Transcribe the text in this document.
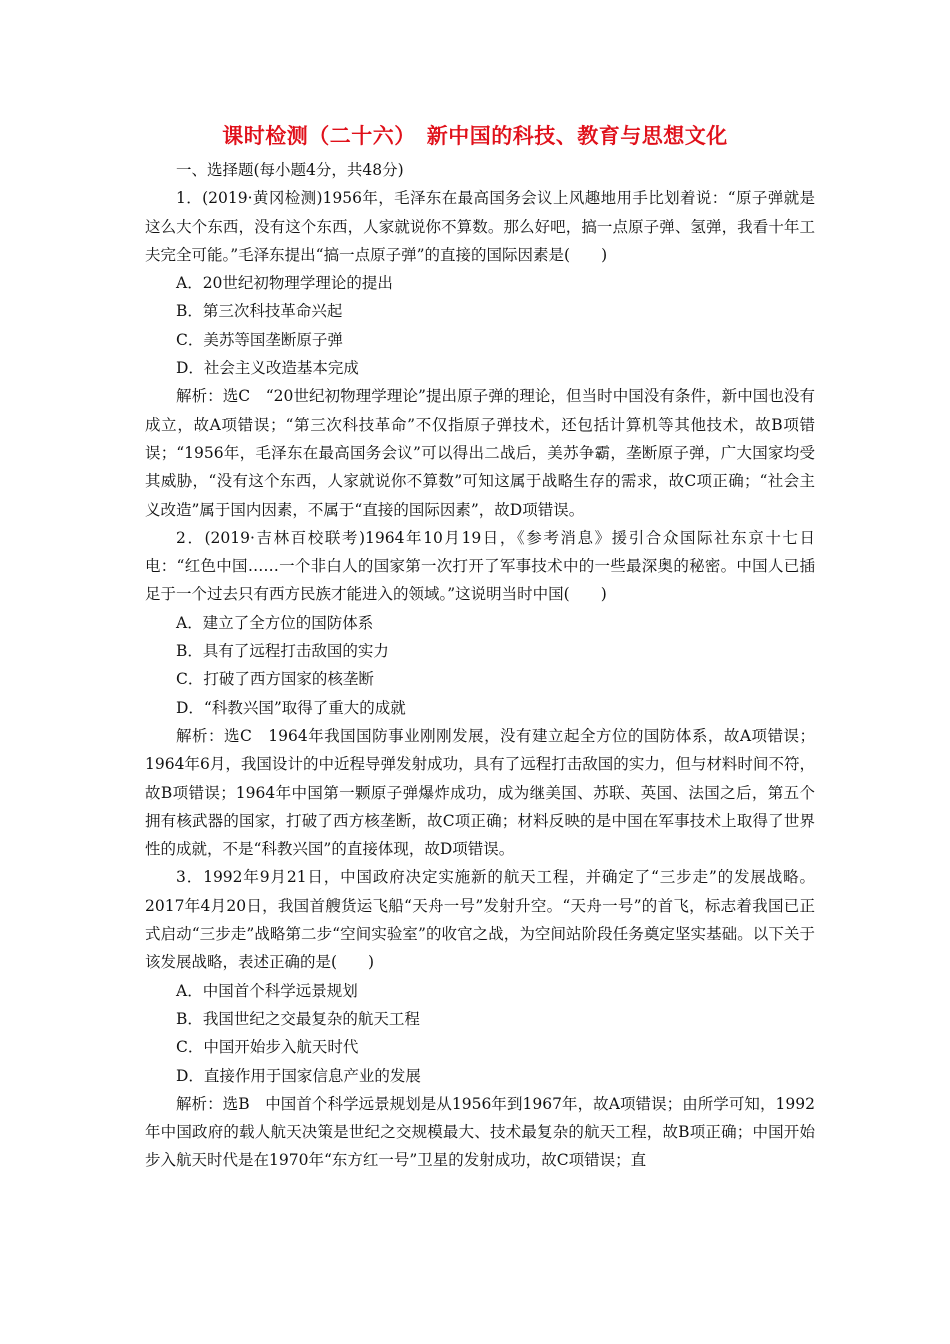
课时检测（二十六）　新中国的科技、教育与思想文化
一、选择题(每小题4分，共48分)
1．(2019·黄冈检测)1956年，毛泽东在最高国务会议上风趣地用手比划着说：“原子弹就是这么大个东西，没有这个东西，人家就说你不算数。那么好吧，搞一点原子弹、氢弹，我看十年工夫完全可能。”毛泽东提出“搞一点原子弹”的直接的国际因素是(　　)
A．20世纪初物理学理论的提出
B．第三次科技革命兴起
C．美苏等国垄断原子弹
D．社会主义改造基本完成
解析：选C　“20世纪初物理学理论”提出原子弹的理论，但当时中国没有条件，新中国也没有成立，故A项错误；“第三次科技革命”不仅指原子弹技术，还包括计算机等其他技术，故B项错误；“1956年，毛泽东在最高国务会议”可以得出二战后，美苏争霸，垄断原子弹，广大国家均受其威胁，“没有这个东西，人家就说你不算数”可知这属于战略生存的需求，故C项正确；“社会主义改造”属于国内因素，不属于“直接的国际因素”，故D项错误。
2．(2019·吉林百校联考)1964年10月19日，《参考消息》援引合众国际社东京十七日电：“红色中国……一个非白人的国家第一次打开了军事技术中的一些最深奥的秘密。中国人已插足于一个过去只有西方民族才能进入的领域。”这说明当时中国(　　)
A．建立了全方位的国防体系
B．具有了远程打击敌国的实力
C．打破了西方国家的核垄断
D．“科教兴国”取得了重大的成就
解析：选C　1964年我国国防事业刚刚发展，没有建立起全方位的国防体系，故A项错误；1964年6月，我国设计的中近程导弹发射成功，具有了远程打击敌国的实力，但与材料时间不符，故B项错误；1964年中国第一颗原子弹爆炸成功，成为继美国、苏联、英国、法国之后，第五个拥有核武器的国家，打破了西方核垄断，故C项正确；材料反映的是中国在军事技术上取得了世界性的成就，不是“科教兴国”的直接体现，故D项错误。
3．1992年9月21日，中国政府决定实施新的航天工程，并确定了“三步走”的发展战略。2017年4月20日，我国首艘货运飞船“天舟一号”发射升空。“天舟一号”的首飞，标志着我国已正式启动“三步走”战略第二步“空间实验室”的收官之战，为空间站阶段任务奠定坚实基础。以下关于该发展战略，表述正确的是(　　)
A．中国首个科学远景规划
B．我国世纪之交最复杂的航天工程
C．中国开始步入航天时代
D．直接作用于国家信息产业的发展
解析：选B　中国首个科学远景规划是从1956年到1967年，故A项错误；由所学可知，1992年中国政府的载人航天决策是世纪之交规模最大、技术最复杂的航天工程，故B项正确；中国开始步入航天时代是在1970年“东方红一号”卫星的发射成功，故C项错误；直
